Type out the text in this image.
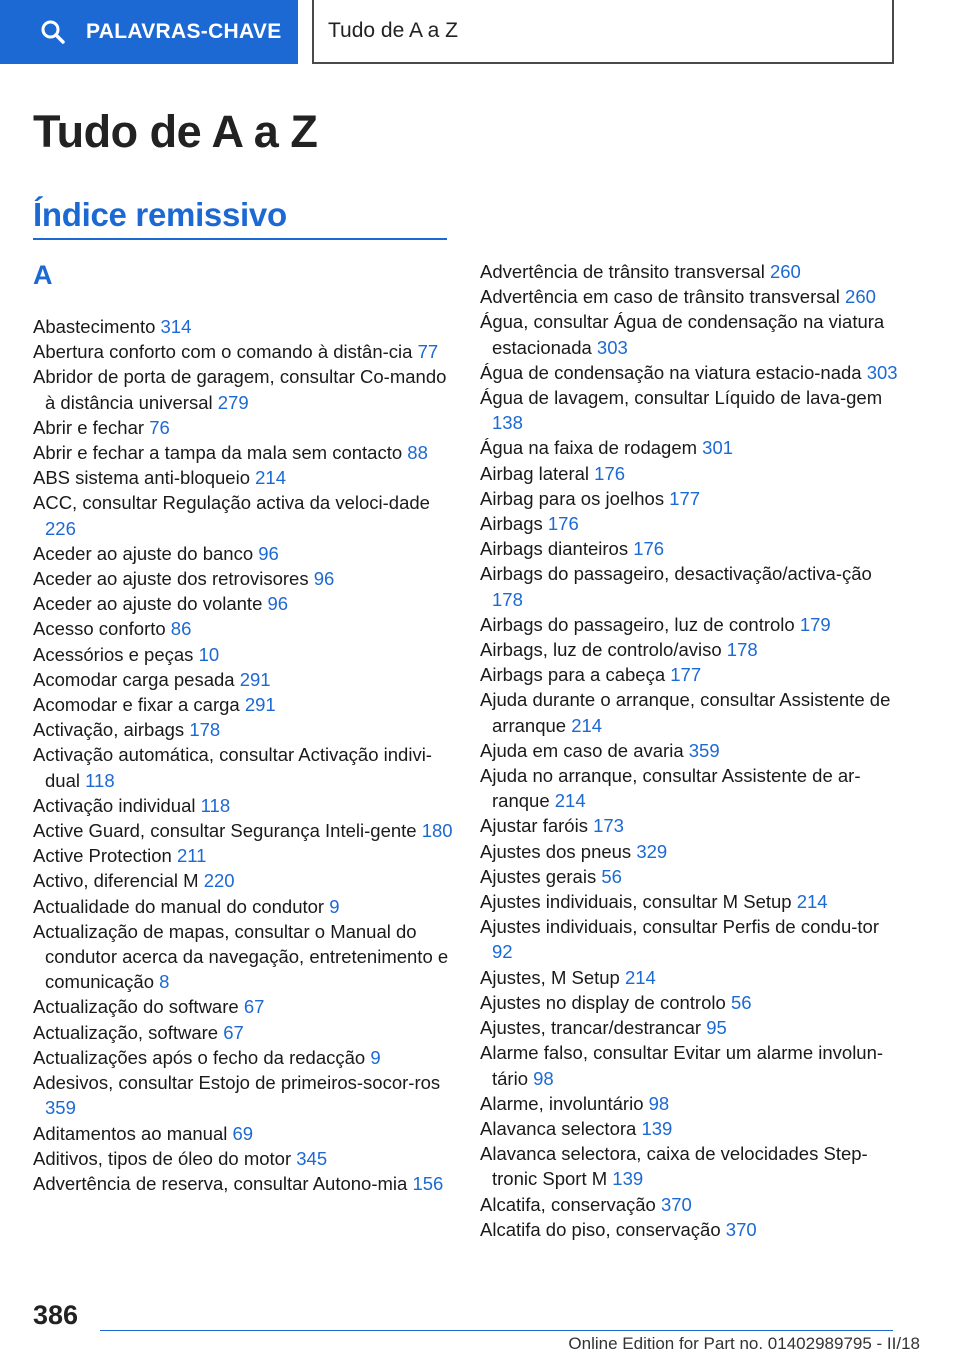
PALAVRAS-CHAVE	Tudo de A a Z
Tudo de A a Z
Índice remissivo
A
Abastecimento 314
Abertura conforto com o comando à distân-cia 77
Abridor de porta de garagem, consultar Co-mando à distância universal 279
Abrir e fechar 76
Abrir e fechar a tampa da mala sem contacto 88
ABS sistema anti-bloqueio 214
ACC, consultar Regulação activa da veloci-dade 226
Aceder ao ajuste do banco 96
Aceder ao ajuste dos retrovisores 96
Aceder ao ajuste do volante 96
Acesso conforto 86
Acessórios e peças 10
Acomodar carga pesada 291
Acomodar e fixar a carga 291
Activação, airbags 178
Activação automática, consultar Activação indivi-dual 118
Activação individual 118
Active Guard, consultar Segurança Inteli-gente 180
Active Protection 211
Activo, diferencial M 220
Actualidade do manual do condutor 9
Actualização de mapas, consultar o Manual do condutor acerca da navegação, entretenimento e comunicação 8
Actualização do software 67
Actualização, software 67
Actualizações após o fecho da redacção 9
Adesivos, consultar Estojo de primeiros-socor-ros 359
Aditamentos ao manual 69
Aditivos, tipos de óleo do motor 345
Advertência de reserva, consultar Autono-mia 156
Advertência de trânsito transversal 260
Advertência em caso de trânsito transversal 260
Água, consultar Água de condensação na viatura estacionada 303
Água de condensação na viatura estacio-nada 303
Água de lavagem, consultar Líquido de lava-gem 138
Água na faixa de rodagem 301
Airbag lateral 176
Airbag para os joelhos 177
Airbags 176
Airbags dianteiros 176
Airbags do passageiro, desactivação/activa-ção 178
Airbags do passageiro, luz de controlo 179
Airbags, luz de controlo/aviso 178
Airbags para a cabeça 177
Ajuda durante o arranque, consultar Assistente de arranque 214
Ajuda em caso de avaria 359
Ajuda no arranque, consultar Assistente de ar-ranque 214
Ajustar faróis 173
Ajustes dos pneus 329
Ajustes gerais 56
Ajustes individuais, consultar M Setup 214
Ajustes individuais, consultar Perfis de condu-tor 92
Ajustes, M Setup 214
Ajustes no display de controlo 56
Ajustes, trancar/destrancar 95
Alarme falso, consultar Evitar um alarme involun-tário 98
Alarme, involuntário 98
Alavanca selectora 139
Alavanca selectora, caixa de velocidades Step-tronic Sport M 139
Alcatifa, conservação 370
Alcatifa do piso, conservação 370
386
Online Edition for Part no. 01402989795 - II/18
